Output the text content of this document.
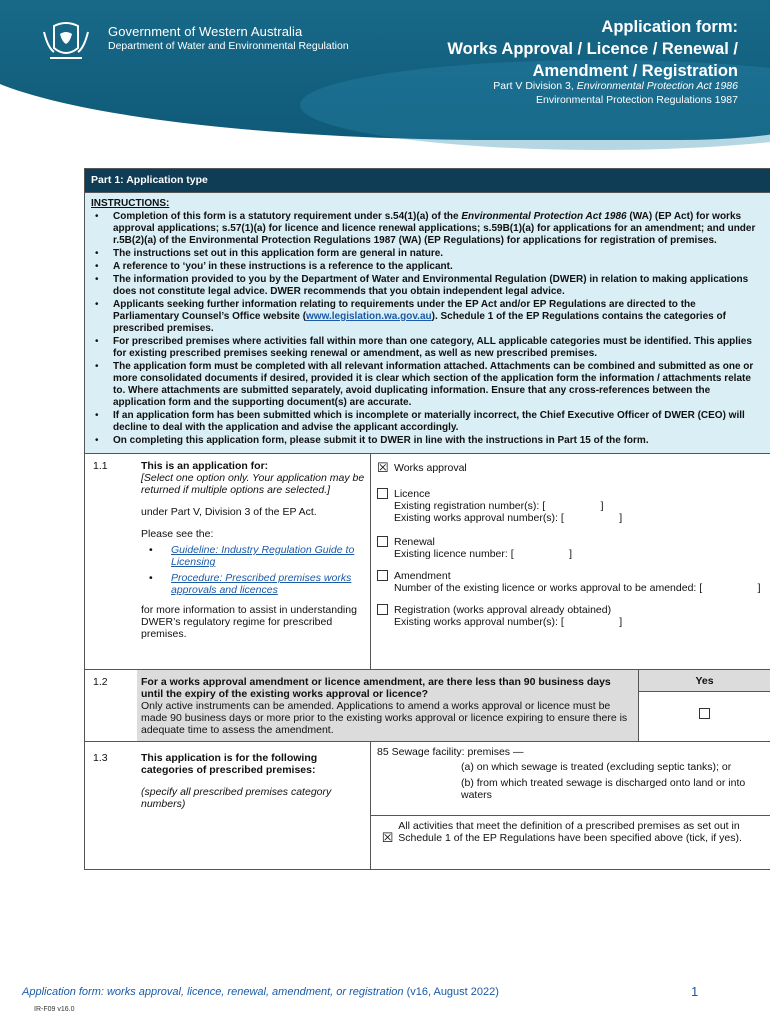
Government of Western Australia
Department of Water and Environmental Regulation
Application form:
Works Approval / Licence / Renewal /
Amendment / Registration
Part V Division 3, Environmental Protection Act 1986
Environmental Protection Regulations 1987
Part 1: Application type
INSTRUCTIONS:
• Completion of this form is a statutory requirement under s.54(1)(a) of the Environmental Protection Act 1986 (WA) (EP Act) for works approval applications; s.57(1)(a) for licence and licence renewal applications; s.59B(1)(a) for applications for an amendment; and under r.5B(2)(a) of the Environmental Protection Regulations 1987 (WA) (EP Regulations) for applications for registration of premises.
• The instructions set out in this application form are general in nature.
• A reference to ‘you’ in these instructions is a reference to the applicant.
• The information provided to you by the Department of Water and Environmental Regulation (DWER) in relation to making applications does not constitute legal advice. DWER recommends that you obtain independent legal advice.
• Applicants seeking further information relating to requirements under the EP Act and/or EP Regulations are directed to the Parliamentary Counsel’s Office website (www.legislation.wa.gov.au). Schedule 1 of the EP Regulations contains the categories of prescribed premises.
• For prescribed premises where activities fall within more than one category, ALL applicable categories must be identified. This applies for existing prescribed premises seeking renewal or amendment, as well as new prescribed premises.
• The application form must be completed with all relevant information attached. Attachments can be combined and submitted as one or more consolidated documents if desired, provided it is clear which section of the application form the information / attachments relate to. Where attachments are submitted separately, avoid duplicating information. Ensure that any cross-references between the application form and the supporting document(s) are accurate.
• If an application form has been submitted which is incomplete or materially incorrect, the Chief Executive Officer of DWER (CEO) will decline to deal with the application and advise the applicant accordingly.
• On completing this application form, please submit it to DWER in line with the instructions in Part 15 of the form.
1.1	This is an application for:
[Select one option only. Your application may be returned if multiple options are selected.]
under Part V, Division 3 of the EP Act.
Please see the:
• Guideline: Industry Regulation Guide to Licensing
• Procedure: Prescribed premises works approvals and licences
for more information to assist in understanding DWER’s regulatory regime for prescribed premises.
☒ Works approval
Licence
Existing registration number(s): [                   ]
Existing works approval number(s): [                   ]
Renewal
Existing licence number: [                   ]
Amendment
Number of the existing licence or works approval to be amended: [                   ]
Registration (works approval already obtained)
Existing works approval number(s): [                   ]
1.2	For a works approval amendment or licence amendment, are there less than 90 business days until the expiry of the existing works approval or licence?
Only active instruments can be amended. Applications to amend a works approval or licence must be made 90 business days or more prior to the existing works approval or licence expiring to ensure there is adequate time to assess the amendment.
Yes
1.3	This application is for the following categories of prescribed premises:
(specify all prescribed premises category numbers)
85 Sewage facility: premises —
(a) on which sewage is treated (excluding septic tanks); or
(b) from which treated sewage is discharged onto land or into waters
☒
All activities that meet the definition of a prescribed premises as set out in Schedule 1 of the EP Regulations have been specified above (tick, if yes).
Application form: works approval, licence, renewal, amendment, or registration (v16, August 2022)	1
IR-F09 v16.0
